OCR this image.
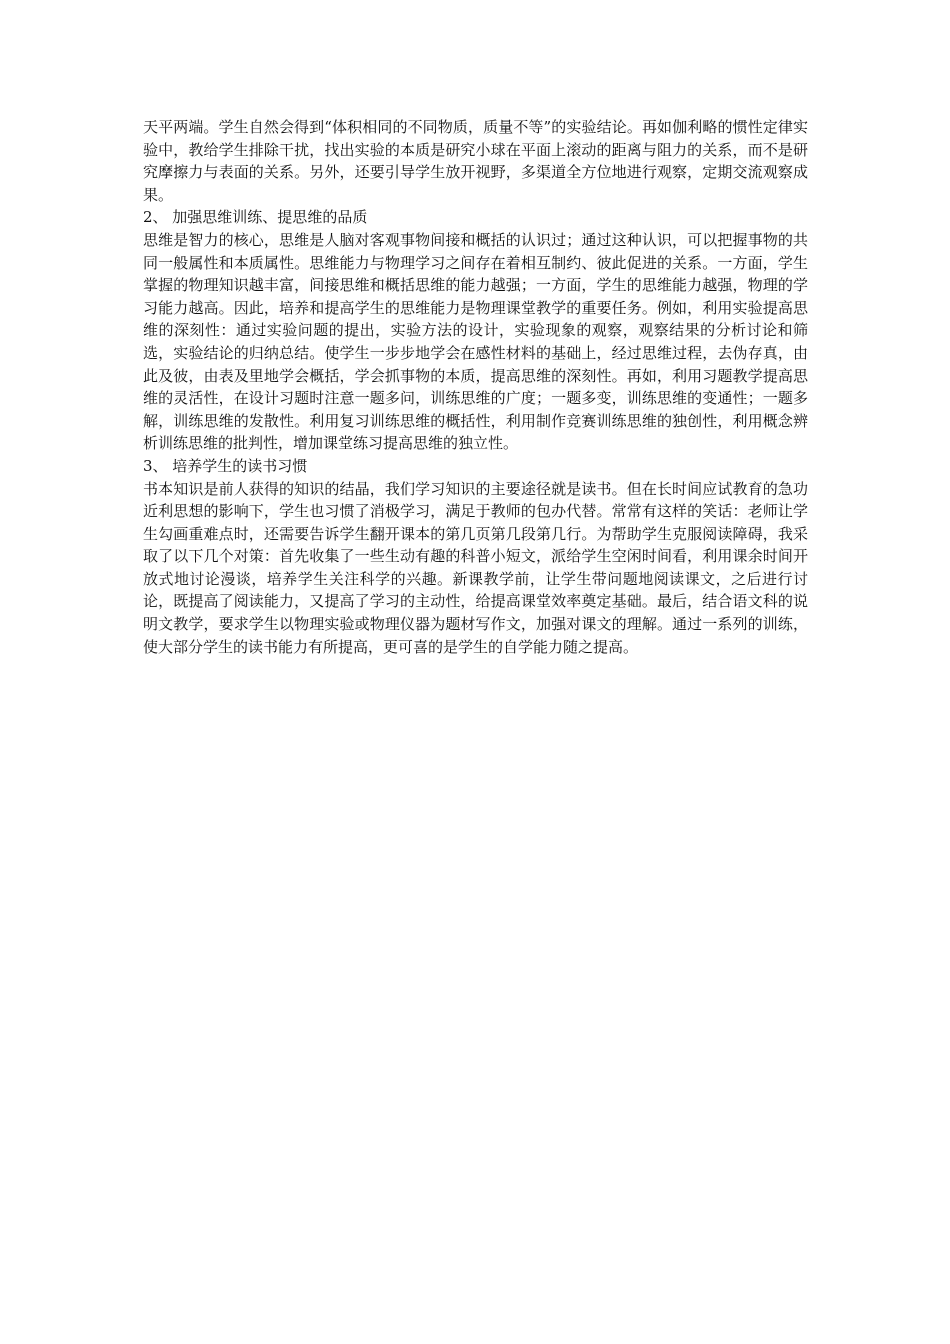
天平两端。学生自然会得到“体积相同的不同物质，质量不等”的实验结论。再如伽利略的惯性定律实验中，教给学生排除干扰，找出实验的本质是研究小球在平面上滚动的距离与阻力的关系，而不是研究摩擦力与表面的关系。另外，还要引导学生放开视野，多渠道全方位地进行观察，定期交流观察成果。

2、 加强思维训练、提思维的品质

思维是智力的核心，思维是人脑对客观事物间接和概括的认识过；通过这种认识，可以把握事物的共同一般属性和本质属性。思维能力与物理学习之间存在着相互制约、彼此促进的关系。一方面，学生掌握的物理知识越丰富，间接思维和概括思维的能力越强；一方面，学生的思维能力越强，物理的学习能力越高。因此，培养和提高学生的思维能力是物理课堂教学的重要任务。例如，利用实验提高思维的深刻性：通过实验问题的提出，实验方法的设计，实验现象的观察，观察结果的分析讨论和筛选，实验结论的归纳总结。使学生一步步地学会在感性材料的基础上，经过思维过程，去伪存真，由此及彼，由表及里地学会概括，学会抓事物的本质，提高思维的深刻性。再如，利用习题教学提高思维的灵活性，在设计习题时注意一题多问，训练思维的广度；一题多变，训练思维的变通性；一题多解，训练思维的发散性。利用复习训练思维的概括性，利用制作竞赛训练思维的独创性，利用概念辨析训练思维的批判性，增加课堂练习提高思维的独立性。

3、 培养学生的读书习惯

书本知识是前人获得的知识的结晶，我们学习知识的主要途径就是读书。但在长时间应试教育的急功近利思想的影响下，学生也习惯了消极学习，满足于教师的包办代替。常常有这样的笑话：老师让学生勾画重难点时，还需要告诉学生翻开课本的第几页第几段第几行。为帮助学生克服阅读障碍，我采取了以下几个对策：首先收集了一些生动有趣的科普小短文，派给学生空闲时间看，利用课余时间开放式地讨论漫谈，培养学生关注科学的兴趣。新课教学前，让学生带问题地阅读课文，之后进行讨论，既提高了阅读能力，又提高了学习的主动性，给提高课堂效率奠定基础。最后，结合语文科的说明文教学，要求学生以物理实验或物理仪器为题材写作文，加强对课文的理解。通过一系列的训练，使大部分学生的读书能力有所提高，更可喜的是学生的自学能力随之提高。
